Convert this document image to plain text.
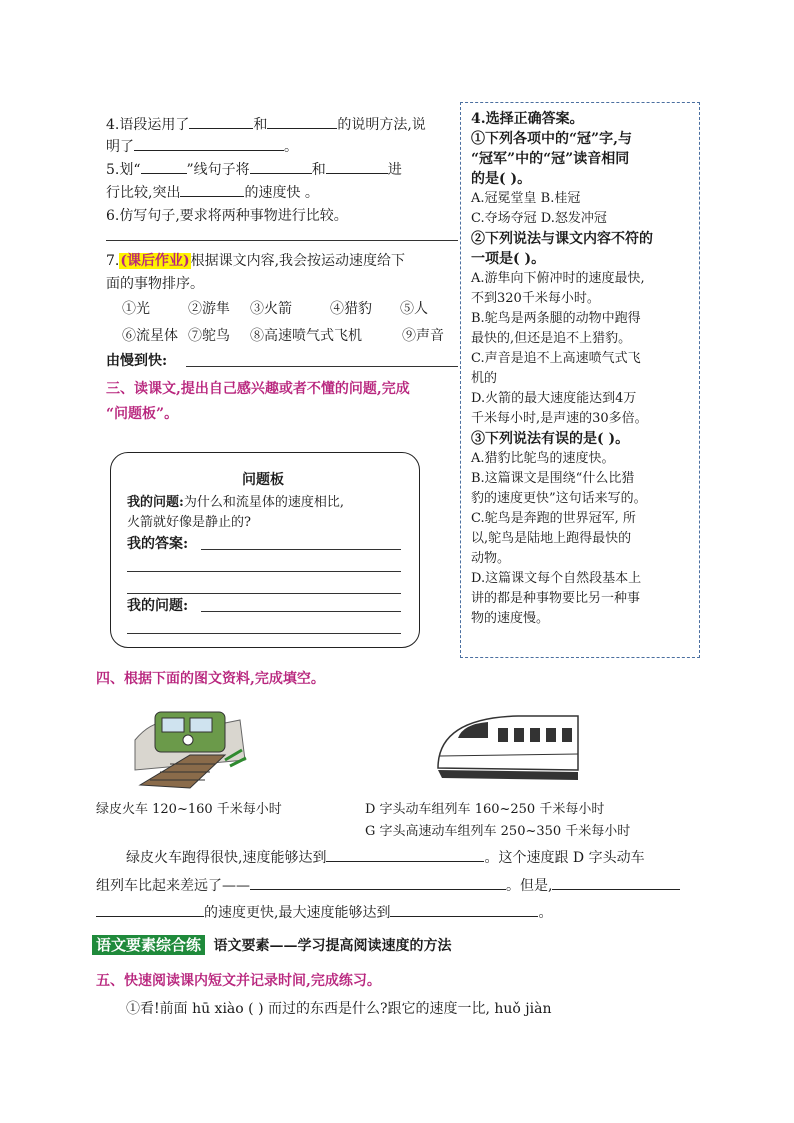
4.语段运用了	和	的说明方法,说
明了	。
5.划“	”线句子将	和	进
行比较,突出	的速度快 。
6.仿写句子,要求将两种事物进行比较。
7.(课后作业)根据课文内容,我会按运动速度给下
面的事物排序。
①光	②游隼 ③火箭	④猎豹 ⑤人
⑥流星体 ⑦鸵鸟 ⑧高速喷气式飞机	⑨声音
由慢到快:
三、读课文,提出自己感兴趣或者不懂的问题,完成
“问题板”。
问题板
我的问题:为什么和流星体的速度相比,
火箭就好像是静止的?
我的答案:
我的问题:
4.选择正确答案。
①下列各项中的“冠”字,与
“冠军”中的“冠”读音相同
的是( )。
A.冠冕堂皇 B.桂冠
C.夺场夺冠 D.怒发冲冠
②下列说法与课文内容不符的
一项是( )。
A.游隼向下俯冲时的速度最快,
不到320千米每小时。
B.鸵鸟是两条腿的动物中跑得
最快的,但还是追不上猎豹。
C.声音是追不上高速喷气式飞
机的
D.火箭的最大速度能达到4万
千米每小时,是声速的30多倍。
③下列说法有误的是( )。
A.猎豹比鸵鸟的速度快。
B.这篇课文是围绕“什么比猎
豹的速度更快”这句话来写的。
C.鸵鸟是奔跑的世界冠军, 所
以,鸵鸟是陆地上跑得最快的
动物。
D.这篇课文每个自然段基本上
讲的都是种事物要比另一种事
物的速度慢。
四、根据下面的图文资料,完成填空。
绿皮火车 120~160 千米每小时	D 字头动车组列车 160~250 千米每小时
G 字头高速动车组列车 250~350 千米每小时
绿皮火车跑得很快,速度能够达到	。这个速度跟 D 字头动车
组列车比起来差远了——	。但是,
的速度更快,最大速度能够达到	。
语文要素综合练 语文要素——学习提高阅读速度的方法
五、快速阅读课内短文并记录时间,完成练习。
①看!前面 hū xiào ( ) 而过的东西是什么?跟它的速度一比, huǒ jiàn
